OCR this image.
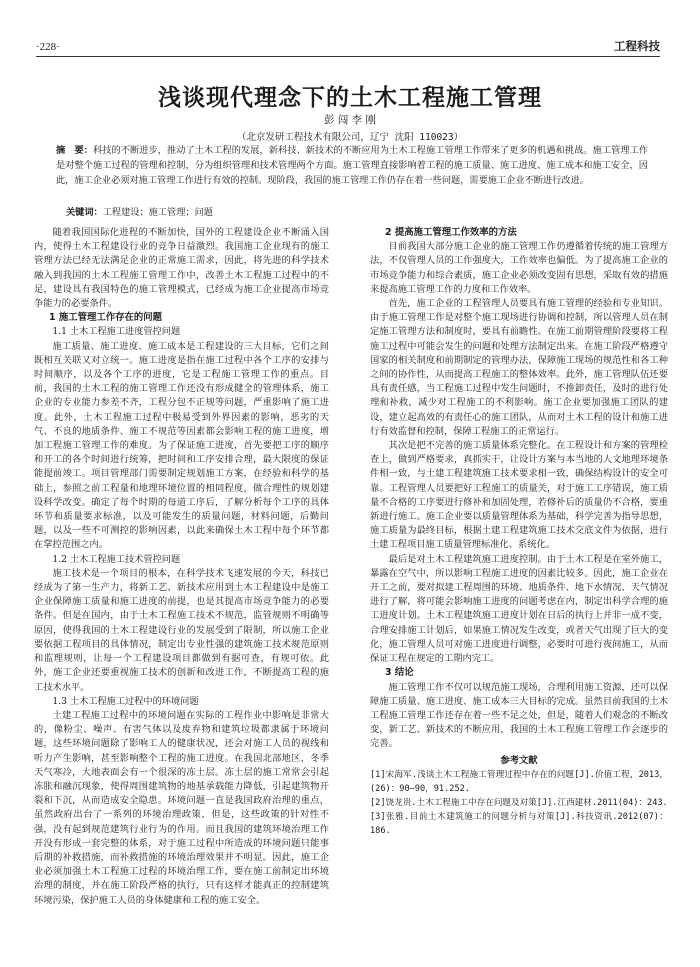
·228·	工程科技
浅谈现代理念下的土木工程施工管理
彭 闯 李 刚
（北京发研工程技术有限公司，辽宁 沈阳 110023）
摘　要：科技的不断进步，推动了土木工程的发展，新科技、新技术的不断应用为土木工程施工管理工作带来了更多的机遇和挑战。施工管理工作是对整个施工过程的管理和控制，分为组织管理和技术管理两个方面。施工管理直接影响着工程的施工质量、施工进度、施工成本和施工安全，因此，施工企业必须对施工管理工作进行有效的控制。现阶段，我国的施工管理工作仍存在着一些问题，需要施工企业不断进行改进。
关键词：工程建设；施工管理；问题

随着我国国际化进程的不断加快，国外的工程建设企业不断涌入国内，使得土木工程建设行业的竞争日益激烈。我国施工企业现有的施工管理方法已经无法满足企业的正常施工需求，因此，将先进的科学技术融入到我国的土木工程施工管理工作中，改善土木工程施工过程中的不足，建设具有我国特色的施工管理模式，已经成为施工企业提高市场竞争能力的必要条件。

1 施工管理工作存在的问题
1.1 土木工程施工进度管控问题

施工质量、施工进度、施工成本是工程建设的三大目标，它们之间既相互关联又对立统一。施工进度是指在施工过程中各个工序的安排与时间顺序，以及各个工序的进度，它是工程施工管理工作的重点。目前，我国的土木工程的施工管理工作还没有形成健全的管理体系，施工企业的专业能力参差不齐，工程分包不正规等问题，严重影响了施工进度。此外，土木工程施工过程中极易受到外界因素的影响，恶劣的天气、不良的地质条件、施工不规范等因素都会影响工程的施工进度，增加工程施工管理工作的难度。为了保证施工进度，首先要把工序的顺序和开工的各个时间进行统筹，把时间和工序安排合理，最大限度的保证能提前竣工。项目管理部门需要制定规划施工方案，在经验和科学的基础上，参照之前工程量和地理环境位置的相同程度，做合理性的规划建设科学改变。确定了每个时期的每道工序后，了解分析每个工序的具体环节和质量要求标准，以及可能发生的质量问题，材料问题，后勤问题，以及一些不可测控的影响因素，以此来确保土木工程中每个环节都在掌控范围之内。

1.2 土木工程施工技术管控问题

施工技术是一个项目的根本，在科学技术飞速发展的今天，科技已经成为了第一生产力，将新工艺、新技术应用到土木工程建设中是施工企业保障施工质量和施工进度的前提，也是其提高市场竞争能力的必要条件。但是在国内，由于土木工程施工技术不规范，监管规则不明确等原因，使得我国的土木工程建设行业的发展受到了限制，所以施工企业要依据工程项目的具体情况，制定出专业性强的建筑施工技术规范原则和监理规则，让每一个工程建设项目都做到有据可查，有规可依。此外，施工企业还要重视施工技术的创新和改进工作，不断提高工程的施工技术水平。

1.3 土木工程施工过程中的环境问题

土建工程施工过程中的环境问题在实际的工程作业中影响是非常大的，像粉尘、噪声、有害气体以及废弃物和建筑垃圾都隶属于环境问题，这些环境问题除了影响工人的健康状况，还会对施工人员的视线和听力产生影响，甚至影响整个工程的施工进度。在我国北部地区，冬季天气寒冷，大地表面会有一个很深的冻土层。冻土层的施工常常会引起冻胀和融沉现象，使得周围建筑物的地基承载能力降低，引起建筑物开裂和下沉，从而造成安全隐患。环境问题一直是我国政府治理的重点，虽然政府出台了一系列的环境治理政策，但是，这些政策的针对性不强，没有起到规范建筑行业行为的作用。而且我国的建筑环境治理工作开没有形成一套完整的体系，对于施工过程中所造成的环境问题只能事后期的补救措施，而补救措施的环境治理效果并不明显。因此，施工企业必须加强土木工程施工过程的环境治理工作，要在施工前制定出环境治理的制度，并在施工阶段严格的执行，只有这样才能真正的控制建筑环境污染，保护施工人员的身体健康和工程的施工安全。

2 提高施工管理工作效率的方法

目前我国大部分施工企业的施工管理工作仍遵循着传统的施工管理方法，不仅管理人员的工作强度大，工作效率也偏低。为了提高施工企业的市场竞争能力和综合素质，施工企业必须改变固有思想，采取有效的措施来提高施工管理工作的力度和工作效率。

首先，施工企业的工程管理人员要具有施工管理的经验和专业知识。由于施工管理工作是对整个施工现场进行协调和控制，所以管理人员在制定施工管理方法和制度时，要具有前瞻性。在施工前期管理阶段要将工程施工过程中可能会发生的问题和处理方法制定出来。在施工阶段严格遵守国家的相关制度和前期制定的管理办法，保障施工现场的规范性和各工种之间的协作性，从而提高工程施工的整体效率。此外，施工管理队伍还要具有责任感，当工程施工过程中发生问题时，不推卸责任，及时的进行处理和补救，减少对工程施工的不利影响。施工企业要加强施工团队的建设，建立起高效的有责任心的施工团队，从而对土木工程的设计和施工进行有效监督和控制，保障工程施工的正常运行。

其次是把不完善的施工质量体系完整化。在工程设计和方案的管理检查上，做到严格要求，真抓实干，让设计方案与本当地的人文地理环境条件相一致，与土建工程建筑施工技术要求相一致，确保结构设计的安全可靠。工程管理人员要把好工程施工的质量关，对于施工工序错误，施工质量不合格的工序要进行修补和加固处理，若修补后的质量仍不合格，要重新进行施工。施工企业要以质量管理体系为基础，科学完善为指导思想，施工质量为最终目标，根据土建工程建筑施工技术交底文件为依据，进行土建工程项目施工质量管理标准化、系统化。

最后是对土木工程建筑施工进度控制。由于土木工程是在室外施工，暴露在空气中，所以影响工程施工进度的因素比较多。因此，施工企业在开工之前，要对拟建工程周围的环境、地质条件、地下水情况、天气情况进行了解，将可能会影响施工进度的问题考虑在内，制定出科学合理的施工进度计划。土木工程建筑施工进度计划在日后的执行上并非一成不变，合理安排施工计划后，如果施工情况发生改变，或者天气出现了巨大的变化，施工管理人员可对施工进度进行调整，必要时可进行夜间施工，从而保证工程在规定的工期内完工。

3 结论

施工管理工作不仅可以规范施工现场，合理利用施工资源，还可以保障施工质量、施工进度、施工成本三大目标的完成。虽然目前我国的土木工程施工管理工作还存在着一些不足之处，但是，随着人们观念的不断改变，新工艺、新技术的不断应用，我国的土木工程施工管理工作会逐步的完善。

参考文献

[1]宋海军.浅谈土木工程施工管理过程中存在的问题[J].价值工程，2013，(26)：90—90，91.252.

[2]饶龙贵.土木工程施工中存在问题及对策[J].江西建材.2011(04)：243.

[3]张雅.目前土木建筑施工的问题分析与对策[J].科技资讯.2012(07)：186.
